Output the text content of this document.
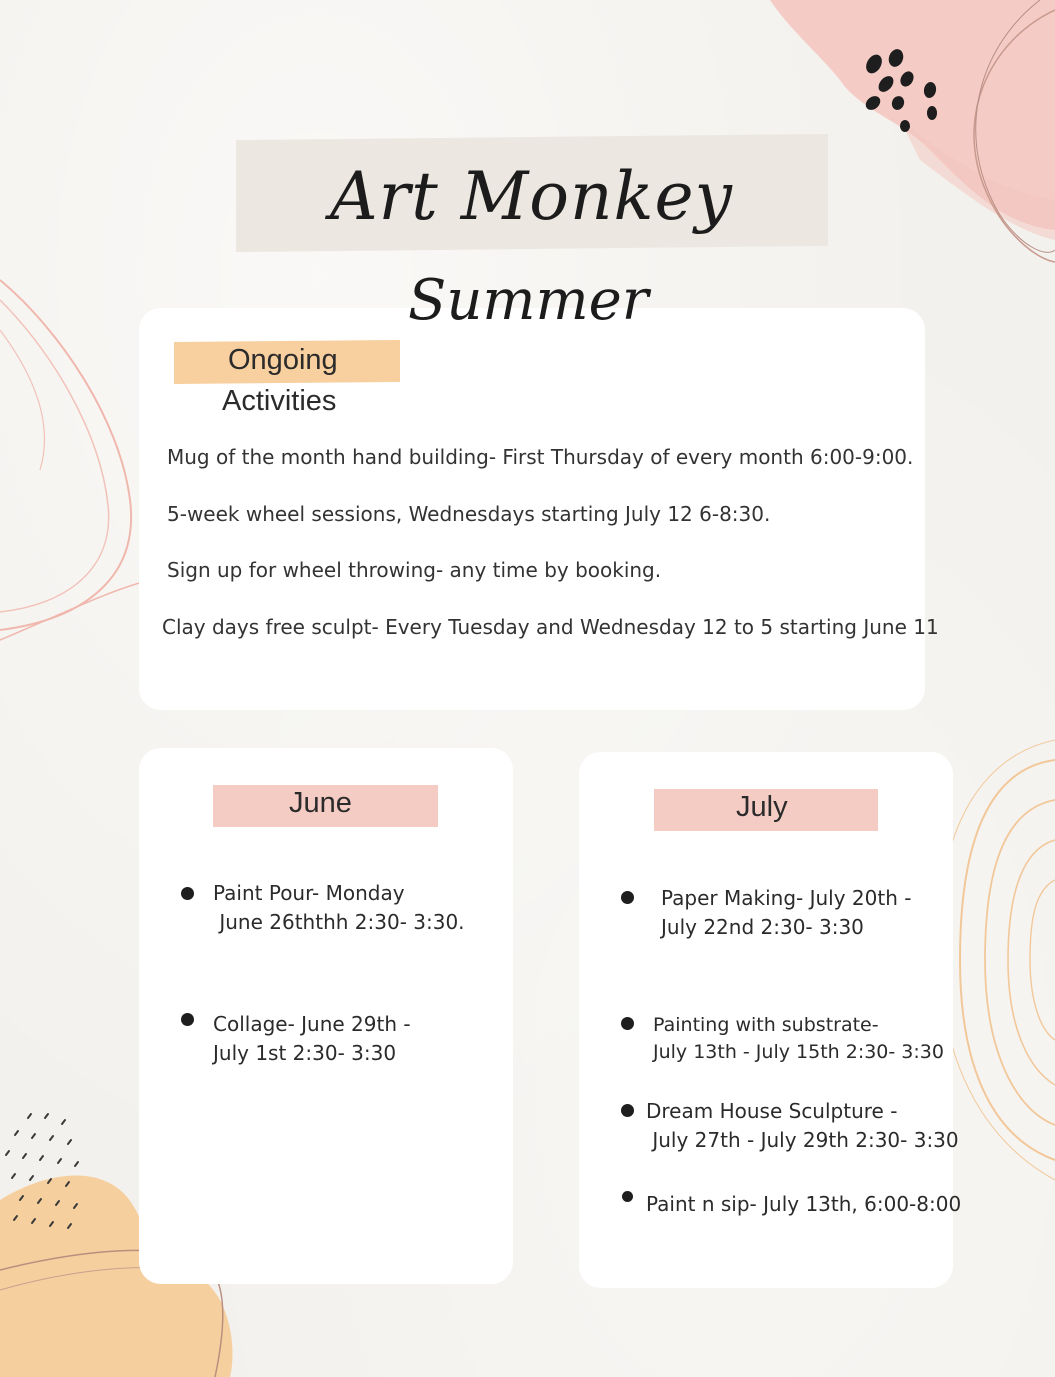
Art Monkey
Summer
Ongoing
Activities
Mug of the month hand building- First Thursday of every month 6:00-9:00.
5-week wheel sessions, Wednesdays starting July 12 6-8:30.
Sign up for wheel throwing- any time by booking.
Clay days free sculpt- Every Tuesday and Wednesday 12 to 5 starting June 11
June
Paint Pour- Monday
June 26ththh 2:30- 3:30.
Collage- June 29th -
July 1st 2:30- 3:30
July
Paper Making- July 20th -
July 22nd 2:30- 3:30
Painting with substrate-
July 13th - July 15th 2:30- 3:30
Dream House Sculpture -
July 27th - July 29th 2:30- 3:30
Paint n sip- July 13th, 6:00-8:00
